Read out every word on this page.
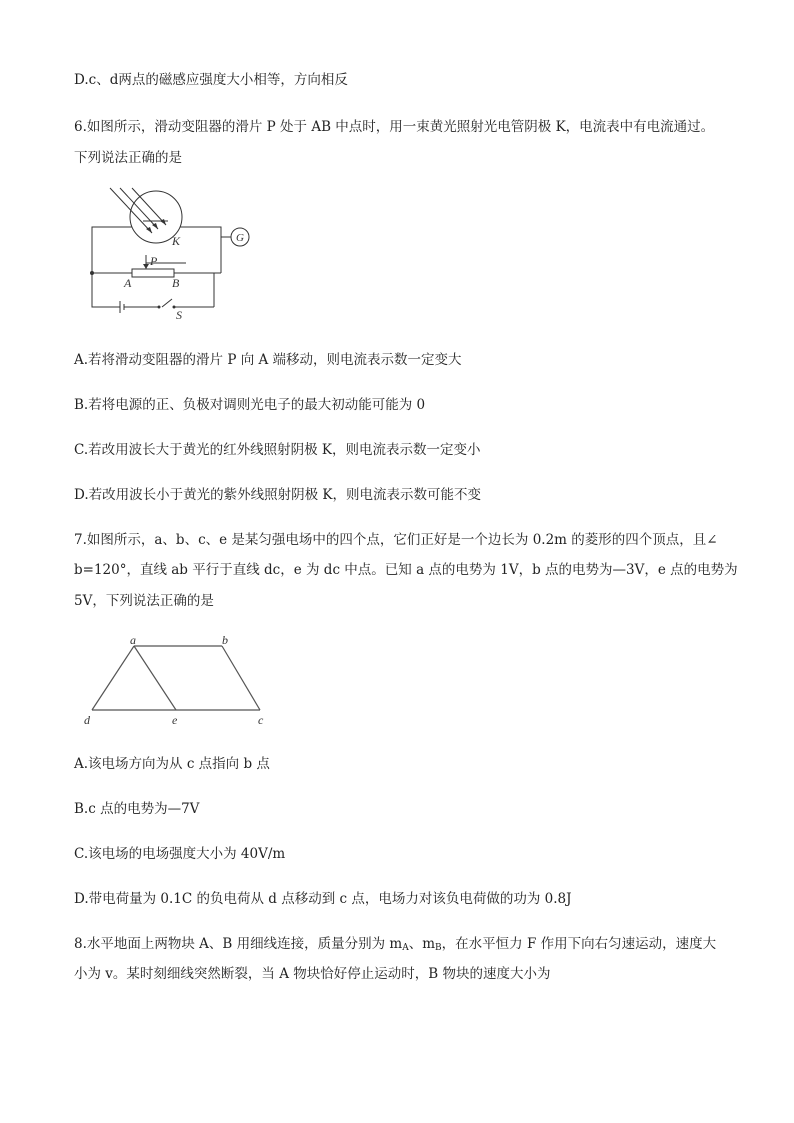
D.c、d两点的磁感应强度大小相等，方向相反
6.如图所示，滑动变阻器的滑片 P 处于 AB 中点时，用一束黄光照射光电管阴极 K，电流表中有电流通过。
下列说法正确的是
K	G
P
A	B
S
A.若将滑动变阻器的滑片 P 向 A 端移动，则电流表示数一定变大
B.若将电源的正、负极对调则光电子的最大初动能可能为 0
C.若改用波长大于黄光的红外线照射阴极 K，则电流表示数一定变小
D.若改用波长小于黄光的紫外线照射阴极 K，则电流表示数可能不变
7.如图所示，a、b、c、e 是某匀强电场中的四个点，它们正好是一个边长为 0.2m 的菱形的四个顶点，且∠
b=120°，直线 ab 平行于直线 dc，e 为 dc 中点。已知 a 点的电势为 1V，b 点的电势为—3V，e 点的电势为
5V，下列说法正确的是
a	b
c
d	e
A.该电场方向为从 c 点指向 b 点
B.c 点的电势为—7V
C.该电场的电场强度大小为 40V/m
D.带电荷量为 0.1C 的负电荷从 d 点移动到 c 点，电场力对该负电荷做的功为 0.8J
8.水平地面上两物块 A、B 用细线连接，质量分别为 $m_A$、$m_B$，在水平恒力 F 作用下向右匀速运动，速度大
小为 v。某时刻细线突然断裂，当 A 物块恰好停止运动时，B 物块的速度大小为
